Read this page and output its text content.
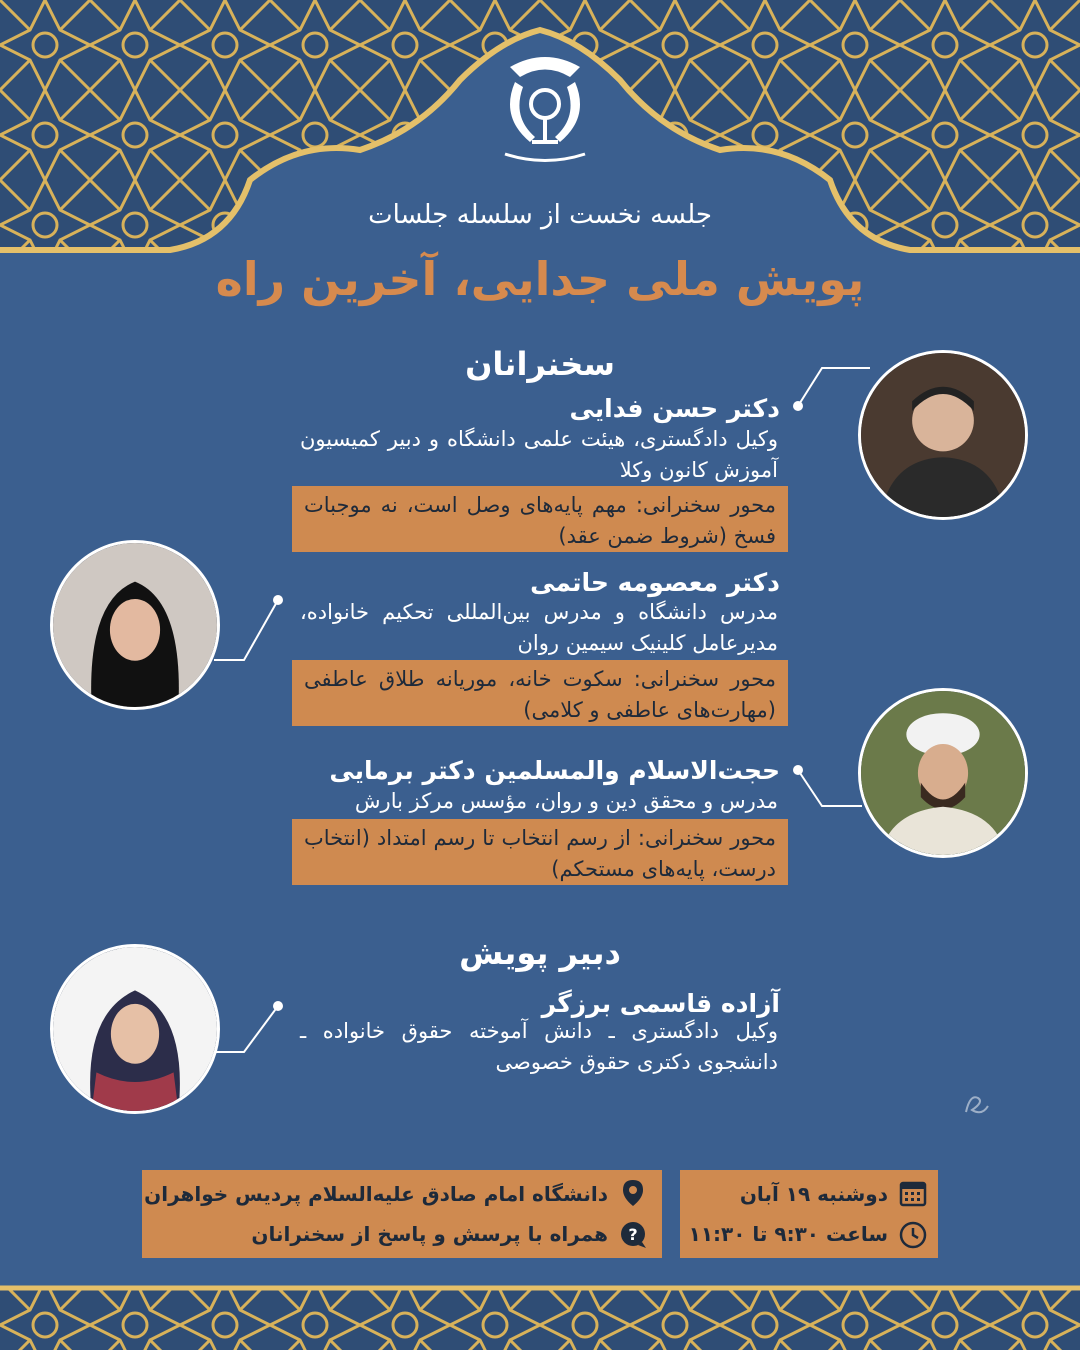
جلسه نخست از سلسله جلسات
پویش ملی جدایی، آخرین راه
سخنرانان
دکتر حسن فدایی
وکیل دادگستری، هیئت علمی دانشگاه و دبیر کمیسیون آموزش کانون وکلا
محور سخنرانی: مهم پایه‌های وصل است، نه موجبات فسخ (شروط ضمن عقد)
دکتر معصومه حاتمی
مدرس دانشگاه و مدرس بین‌المللی تحکیم خانواده، مدیرعامل کلینیک سیمین روان
محور سخنرانی: سکوت خانه، موریانه طلاق عاطفی (مهارت‌های عاطفی و کلامی)
حجت‌الاسلام والمسلمین دکتر برمایی
مدرس و محقق دین و روان، مؤسس مرکز بارش
محور سخنرانی: از رسم انتخاب تا رسم امتداد (انتخاب درست، پایه‌های مستحکم)
دبیر پویش
آزاده قاسمی برزگر
وکیل دادگستری ـ دانش آموخته حقوق خانواده ـ دانشجوی دکتری حقوق خصوصی
دانشگاه امام صادق علیه‌السلام پردیس خواهران
?
همراه با پرسش و پاسخ از سخنرانان
دوشنبه ۱۹ آبان
ساعت ۹:۳۰ تا ۱۱:۳۰
